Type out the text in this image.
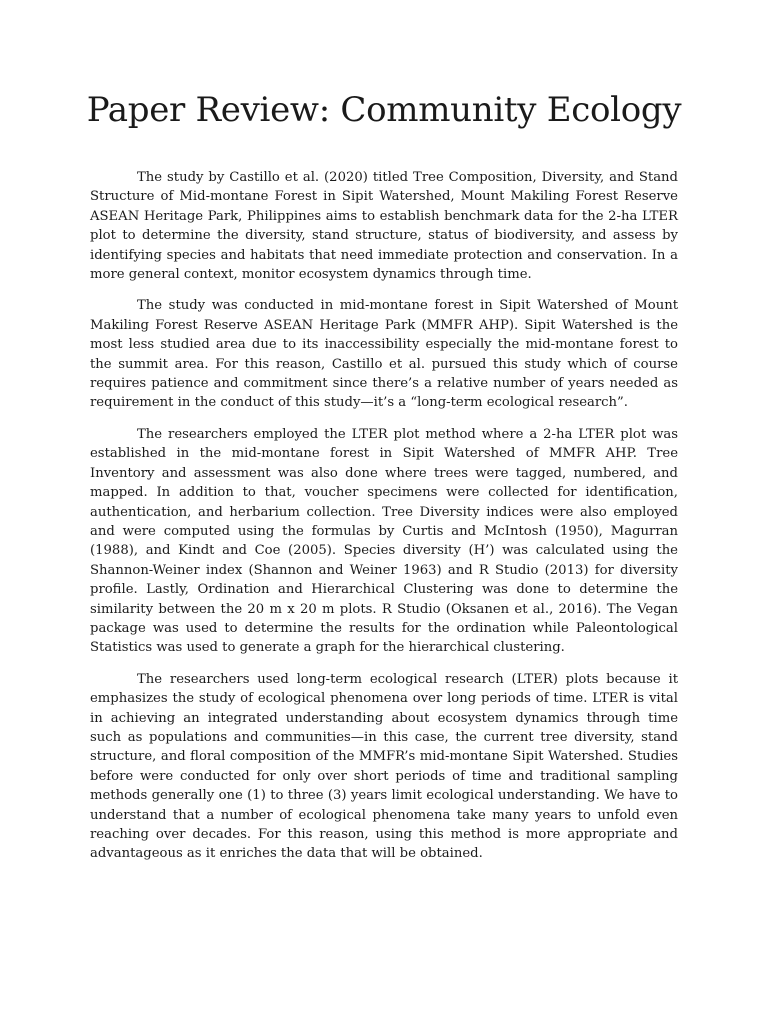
Paper Review: Community Ecology

The study by Castillo et al. (2020) titled Tree Composition, Diversity, and Stand Structure of Mid-montane Forest in Sipit Watershed, Mount Makiling Forest Reserve ASEAN Heritage Park, Philippines aims to establish benchmark data for the 2-ha LTER plot to determine the diversity, stand structure, status of biodiversity, and assess by identifying species and habitats that need immediate protection and conservation. In a more general context, monitor ecosystem dynamics through time.

The study was conducted in mid-montane forest in Sipit Watershed of Mount Makiling Forest Reserve ASEAN Heritage Park (MMFR AHP). Sipit Watershed is the most less studied area due to its inaccessibility especially the mid-montane forest to the summit area. For this reason, Castillo et al. pursued this study which of course requires patience and commitment since there’s a relative number of years needed as requirement in the conduct of this study—it’s a “long-term ecological research”.

The researchers employed the LTER plot method where a 2-ha LTER plot was established in the mid-montane forest in Sipit Watershed of MMFR AHP. Tree Inventory and assessment was also done where trees were tagged, numbered, and mapped. In addition to that, voucher specimens were collected for identification, authentication, and herbarium collection. Tree Diversity indices were also employed and were computed using the formulas by Curtis and McIntosh (1950), Magurran (1988), and Kindt and Coe (2005). Species diversity (H’) was calculated using the Shannon-Weiner index (Shannon and Weiner 1963) and R Studio (2013) for diversity profile. Lastly, Ordination and Hierarchical Clustering was done to determine the similarity between the 20 m x 20 m plots. R Studio (Oksanen et al., 2016). The Vegan package was used to determine the results for the ordination while Paleontological Statistics was used to generate a graph for the hierarchical clustering.

The researchers used long-term ecological research (LTER) plots because it emphasizes the study of ecological phenomena over long periods of time. LTER is vital in achieving an integrated understanding about ecosystem dynamics through time such as populations and communities—in this case, the current tree diversity, stand structure, and floral composition of the MMFR’s mid-montane Sipit Watershed. Studies before were conducted for only over short periods of time and traditional sampling methods generally one (1) to three (3) years limit ecological understanding. We have to understand that a number of ecological phenomena take many years to unfold even reaching over decades. For this reason, using this method is more appropriate and advantageous as it enriches the data that will be obtained.
